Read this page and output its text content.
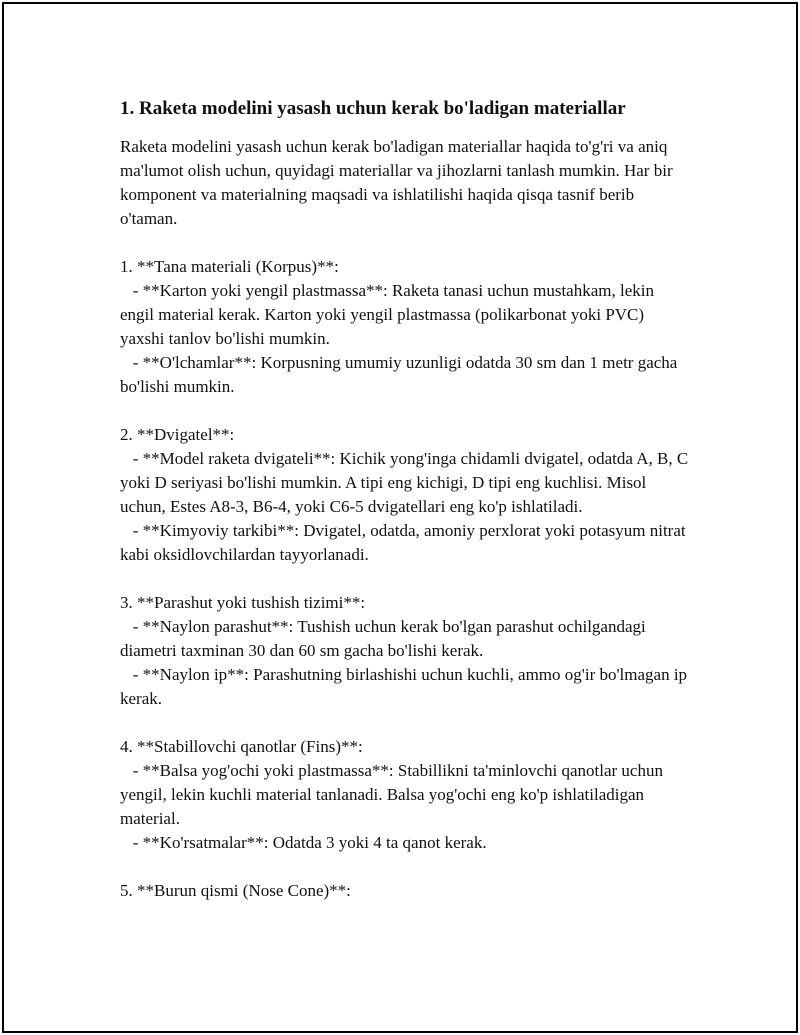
1. Raketa modelini yasash uchun kerak bo'ladigan materiallar

Raketa modelini yasash uchun kerak bo'ladigan materiallar haqida to'g'ri va aniq ma'lumot olish uchun, quyidagi materiallar va jihozlarni tanlash mumkin. Har bir komponent va materialning maqsadi va ishlatilishi haqida qisqa tasnif berib o'taman.

1. **Tana materiali (Korpus)**:

- **Karton yoki yengil plastmassa**: Raketa tanasi uchun mustahkam, lekin engil material kerak. Karton yoki yengil plastmassa (polikarbonat yoki PVC) yaxshi tanlov bo'lishi mumkin.

- **O'lchamlar**: Korpusning umumiy uzunligi odatda 30 sm dan 1 metr gacha bo'lishi mumkin.

2. **Dvigatel**:

- **Model raketa dvigateli**: Kichik yong'inga chidamli dvigatel, odatda A, B, C yoki D seriyasi bo'lishi mumkin. A tipi eng kichigi, D tipi eng kuchlisi. Misol uchun, Estes A8-3, B6-4, yoki C6-5 dvigatellari eng ko'p ishlatiladi.

- **Kimyoviy tarkibi**: Dvigatel, odatda, amoniy perxlorat yoki potasyum nitrat kabi oksidlovchilardan tayyorlanadi.

3. **Parashut yoki tushish tizimi**:

- **Naylon parashut**: Tushish uchun kerak bo'lgan parashut ochilgandagi diametri taxminan 30 dan 60 sm gacha bo'lishi kerak.

- **Naylon ip**: Parashutning birlashishi uchun kuchli, ammo og'ir bo'lmagan ip kerak.

4. **Stabillovchi qanotlar (Fins)**:

- **Balsa yog'ochi yoki plastmassa**: Stabillikni ta'minlovchi qanotlar uchun yengil, lekin kuchli material tanlanadi. Balsa yog'ochi eng ko'p ishlatiladigan material.

- **Ko'rsatmalar**: Odatda 3 yoki 4 ta qanot kerak.

5. **Burun qismi (Nose Cone)**:
